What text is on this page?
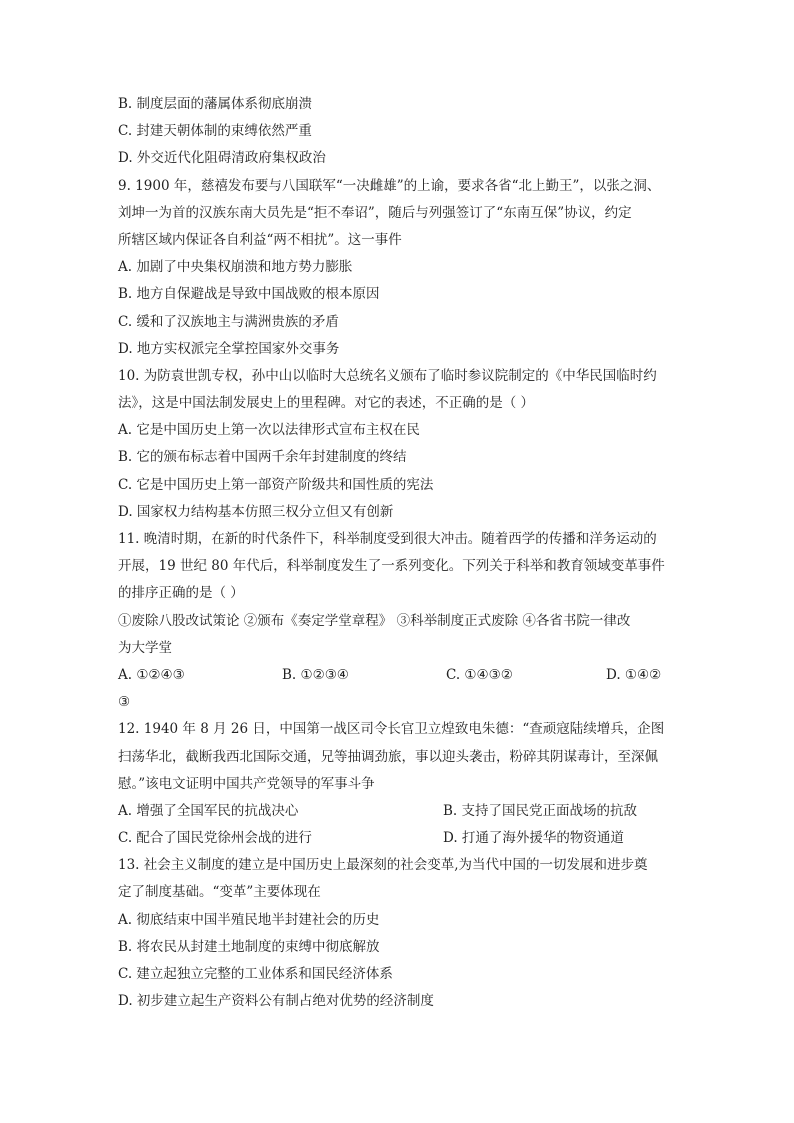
B. 制度层面的藩属体系彻底崩溃
C. 封建天朝体制的束缚依然严重
D. 外交近代化阻碍清政府集权政治
9. 1900 年，慈禧发布要与八国联军“一决雌雄”的上谕，要求各省“北上勤王”，以张之洞、
刘坤一为首的汉族东南大员先是“拒不奉诏”，随后与列强签订了“东南互保”协议，约定
所辖区域内保证各自利益“两不相扰”。这一事件
A. 加剧了中央集权崩溃和地方势力膨胀
B. 地方自保避战是导致中国战败的根本原因
C. 缓和了汉族地主与满洲贵族的矛盾
D. 地方实权派完全掌控国家外交事务
10. 为防袁世凯专权，孙中山以临时大总统名义颁布了临时参议院制定的《中华民国临时约
法》，这是中国法制发展史上的里程碑。对它的表述，不正确的是（ ）
A. 它是中国历史上第一次以法律形式宣布主权在民
B. 它的颁布标志着中国两千余年封建制度的终结
C. 它是中国历史上第一部资产阶级共和国性质的宪法
D. 国家权力结构基本仿照三权分立但又有创新
11. 晚清时期，在新的时代条件下，科举制度受到很大冲击。随着西学的传播和洋务运动的
开展，19 世纪 80 年代后，科举制度发生了一系列变化。下列关于科举和教育领域变革事件
的排序正确的是（ ）
①废除八股改试策论 ②颁布《奏定学堂章程》 ③科举制度正式废除 ④各省书院一律改
为大学堂
A. ①②④③	B. ①②③④	C. ①④③②	D. ①④②
③
12. 1940 年 8 月 26 日，中国第一战区司令长官卫立煌致电朱德：“查顽寇陆续增兵，企图
扫荡华北，截断我西北国际交通，兄等抽调劲旅，事以迎头袭击，粉碎其阴谋毒计，至深佩
慰。”该电文证明中国共产党领导的军事斗争
A. 增强了全国军民的抗战决心	B. 支持了国民党正面战场的抗敌
C. 配合了国民党徐州会战的进行	D. 打通了海外援华的物资通道
13. 社会主义制度的建立是中国历史上最深刻的社会变革,为当代中国的一切发展和进步奠
定了制度基础。“变革”主要体现在
A. 彻底结束中国半殖民地半封建社会的历史
B. 将农民从封建土地制度的束缚中彻底解放
C. 建立起独立完整的工业体系和国民经济体系
D. 初步建立起生产资料公有制占绝对优势的经济制度
